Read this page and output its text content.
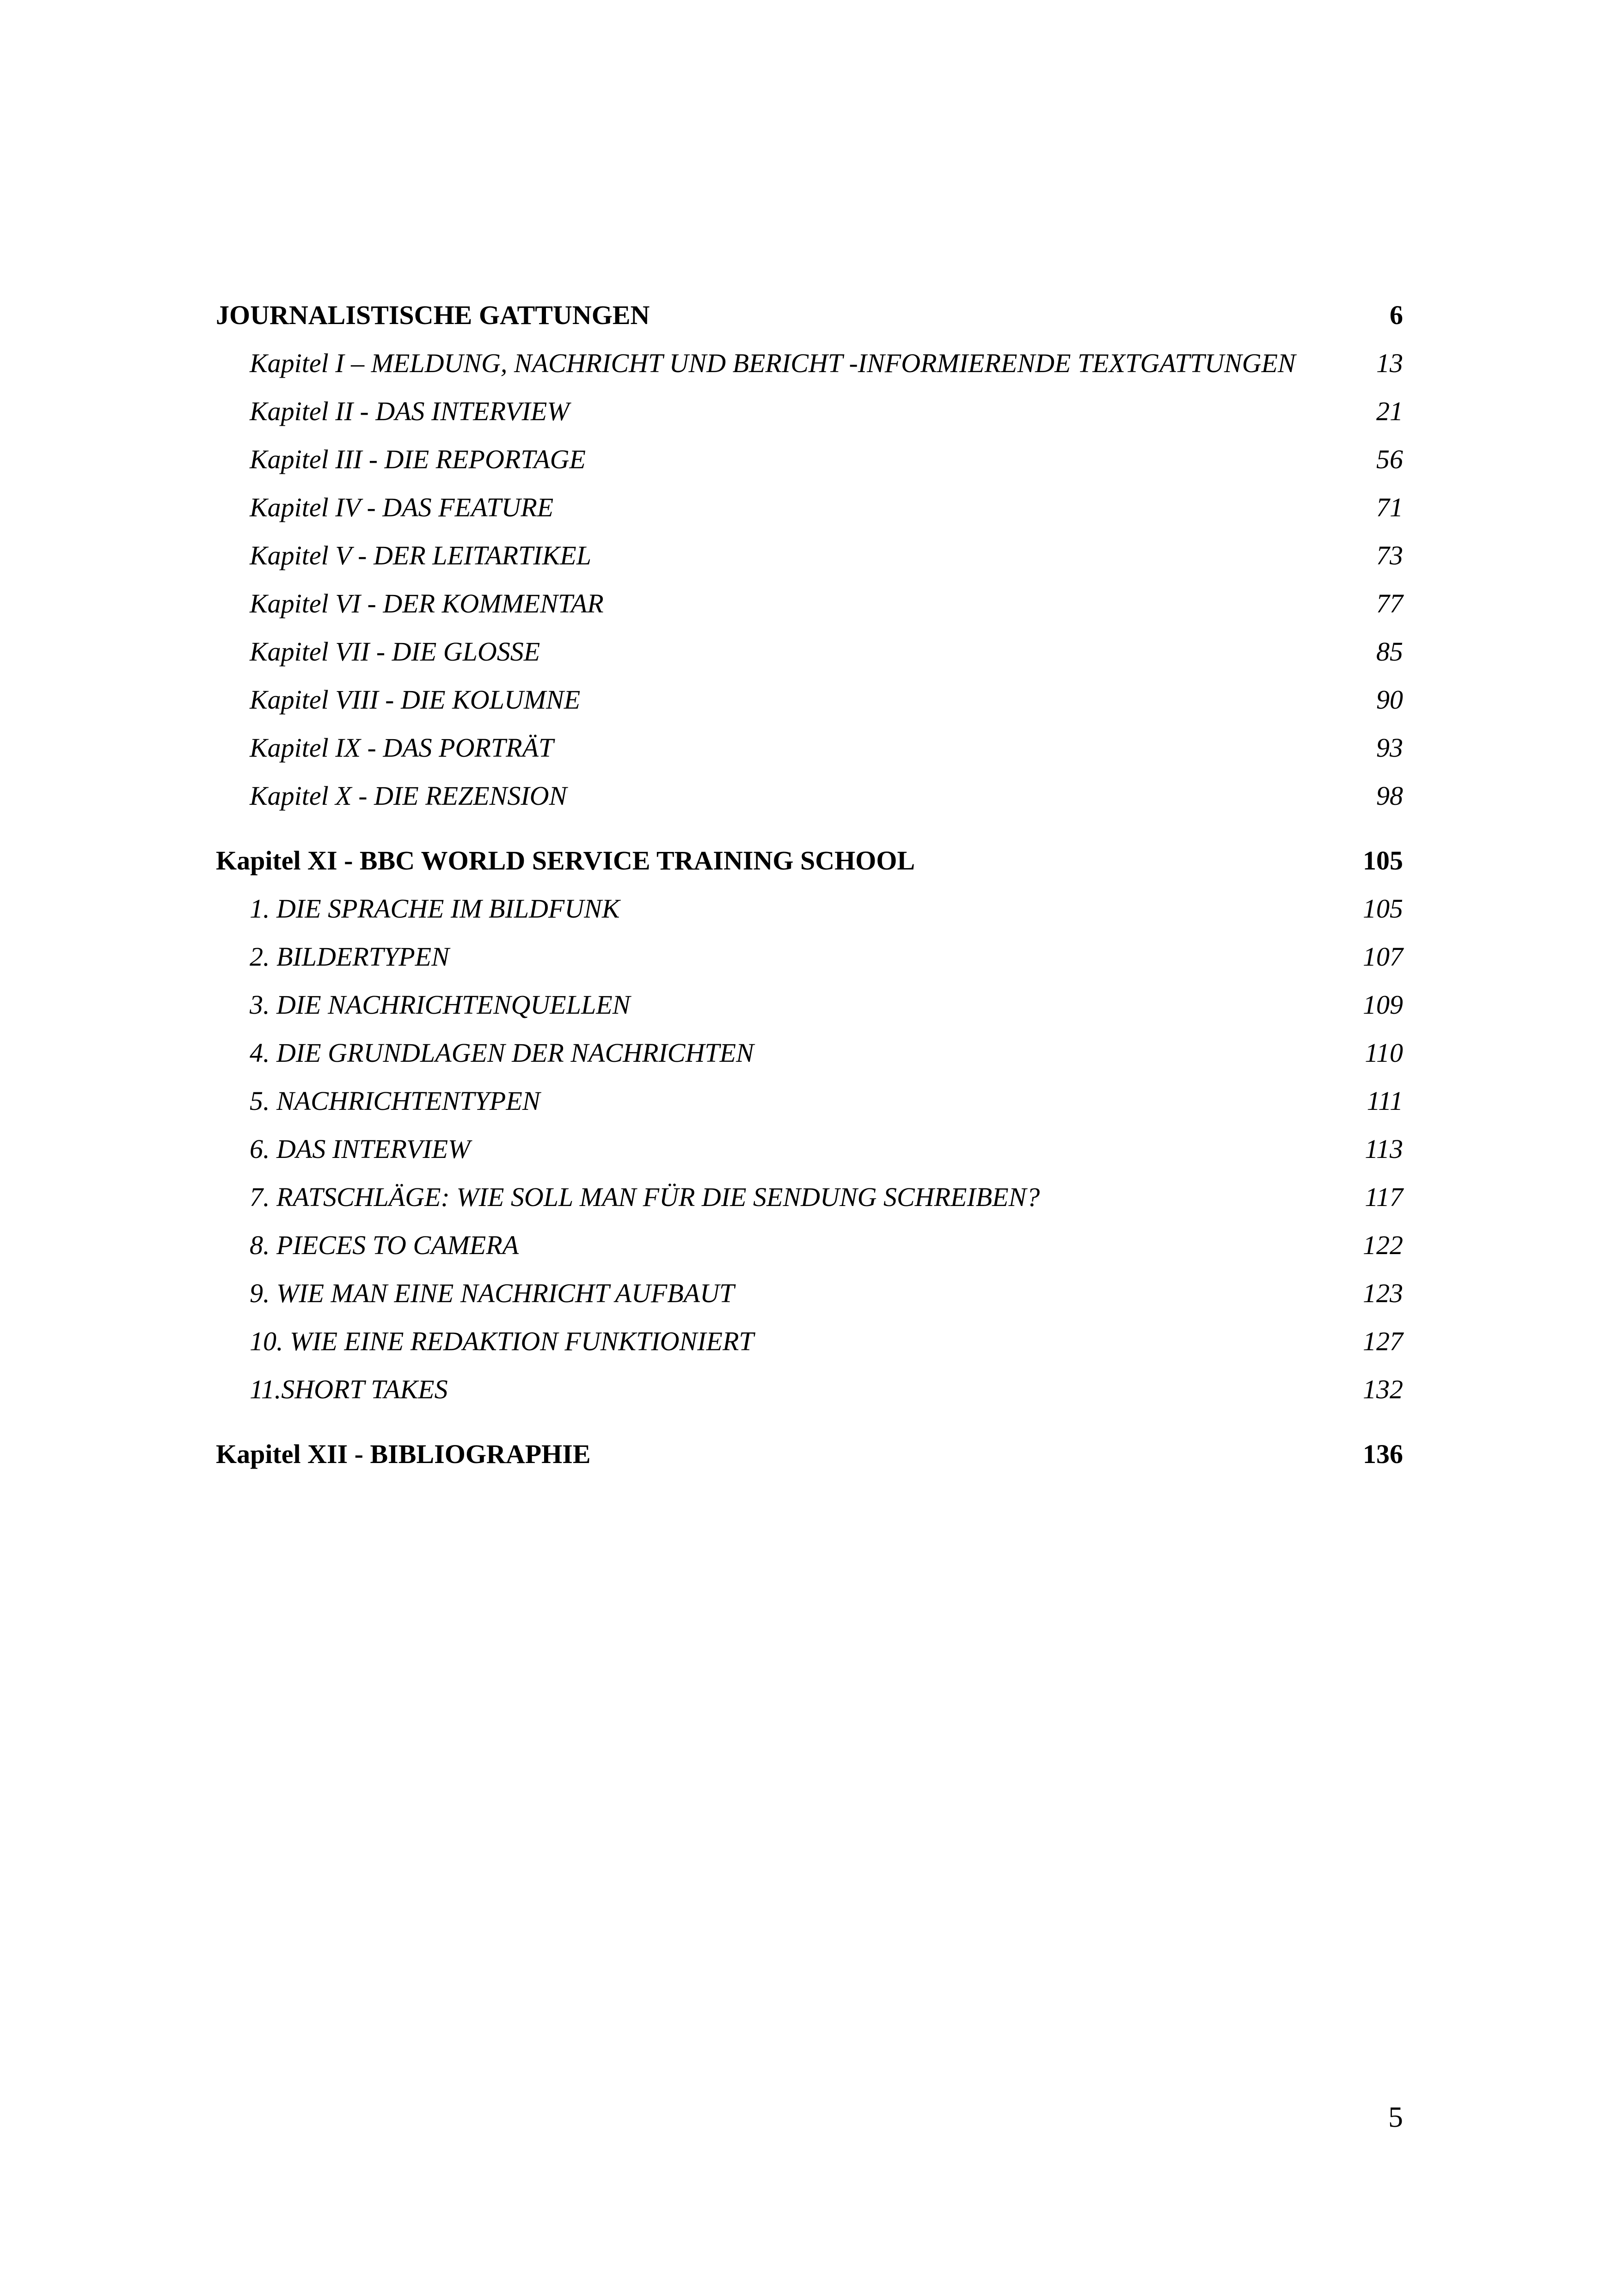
JOURNALISTISCHE GATTUNGEN	6
Kapitel I – MELDUNG, NACHRICHT UND BERICHT -INFORMIERENDE TEXTGATTUNGEN	13
Kapitel II - DAS INTERVIEW	21
Kapitel III - DIE REPORTAGE	56
Kapitel IV - DAS FEATURE	71
Kapitel V - DER LEITARTIKEL	73
Kapitel VI - DER KOMMENTAR	77
Kapitel VII - DIE GLOSSE	85
Kapitel VIII - DIE KOLUMNE	90
Kapitel IX - DAS PORTRÄT	93
Kapitel X - DIE REZENSION	98
Kapitel XI - BBC WORLD SERVICE TRAINING SCHOOL	105
1. DIE SPRACHE IM BILDFUNK	105
2. BILDERTYPEN	107
3. DIE NACHRICHTENQUELLEN	109
4. DIE GRUNDLAGEN DER NACHRICHTEN	110
5. NACHRICHTENTYPEN	111
6. DAS INTERVIEW	113
7. RATSCHLÄGE: WIE SOLL MAN FÜR DIE SENDUNG SCHREIBEN?	117
8. PIECES TO CAMERA	122
9. WIE MAN EINE NACHRICHT AUFBAUT	123
10. WIE EINE REDAKTION FUNKTIONIERT	127
11.SHORT TAKES	132
Kapitel XII - BIBLIOGRAPHIE	136
5
